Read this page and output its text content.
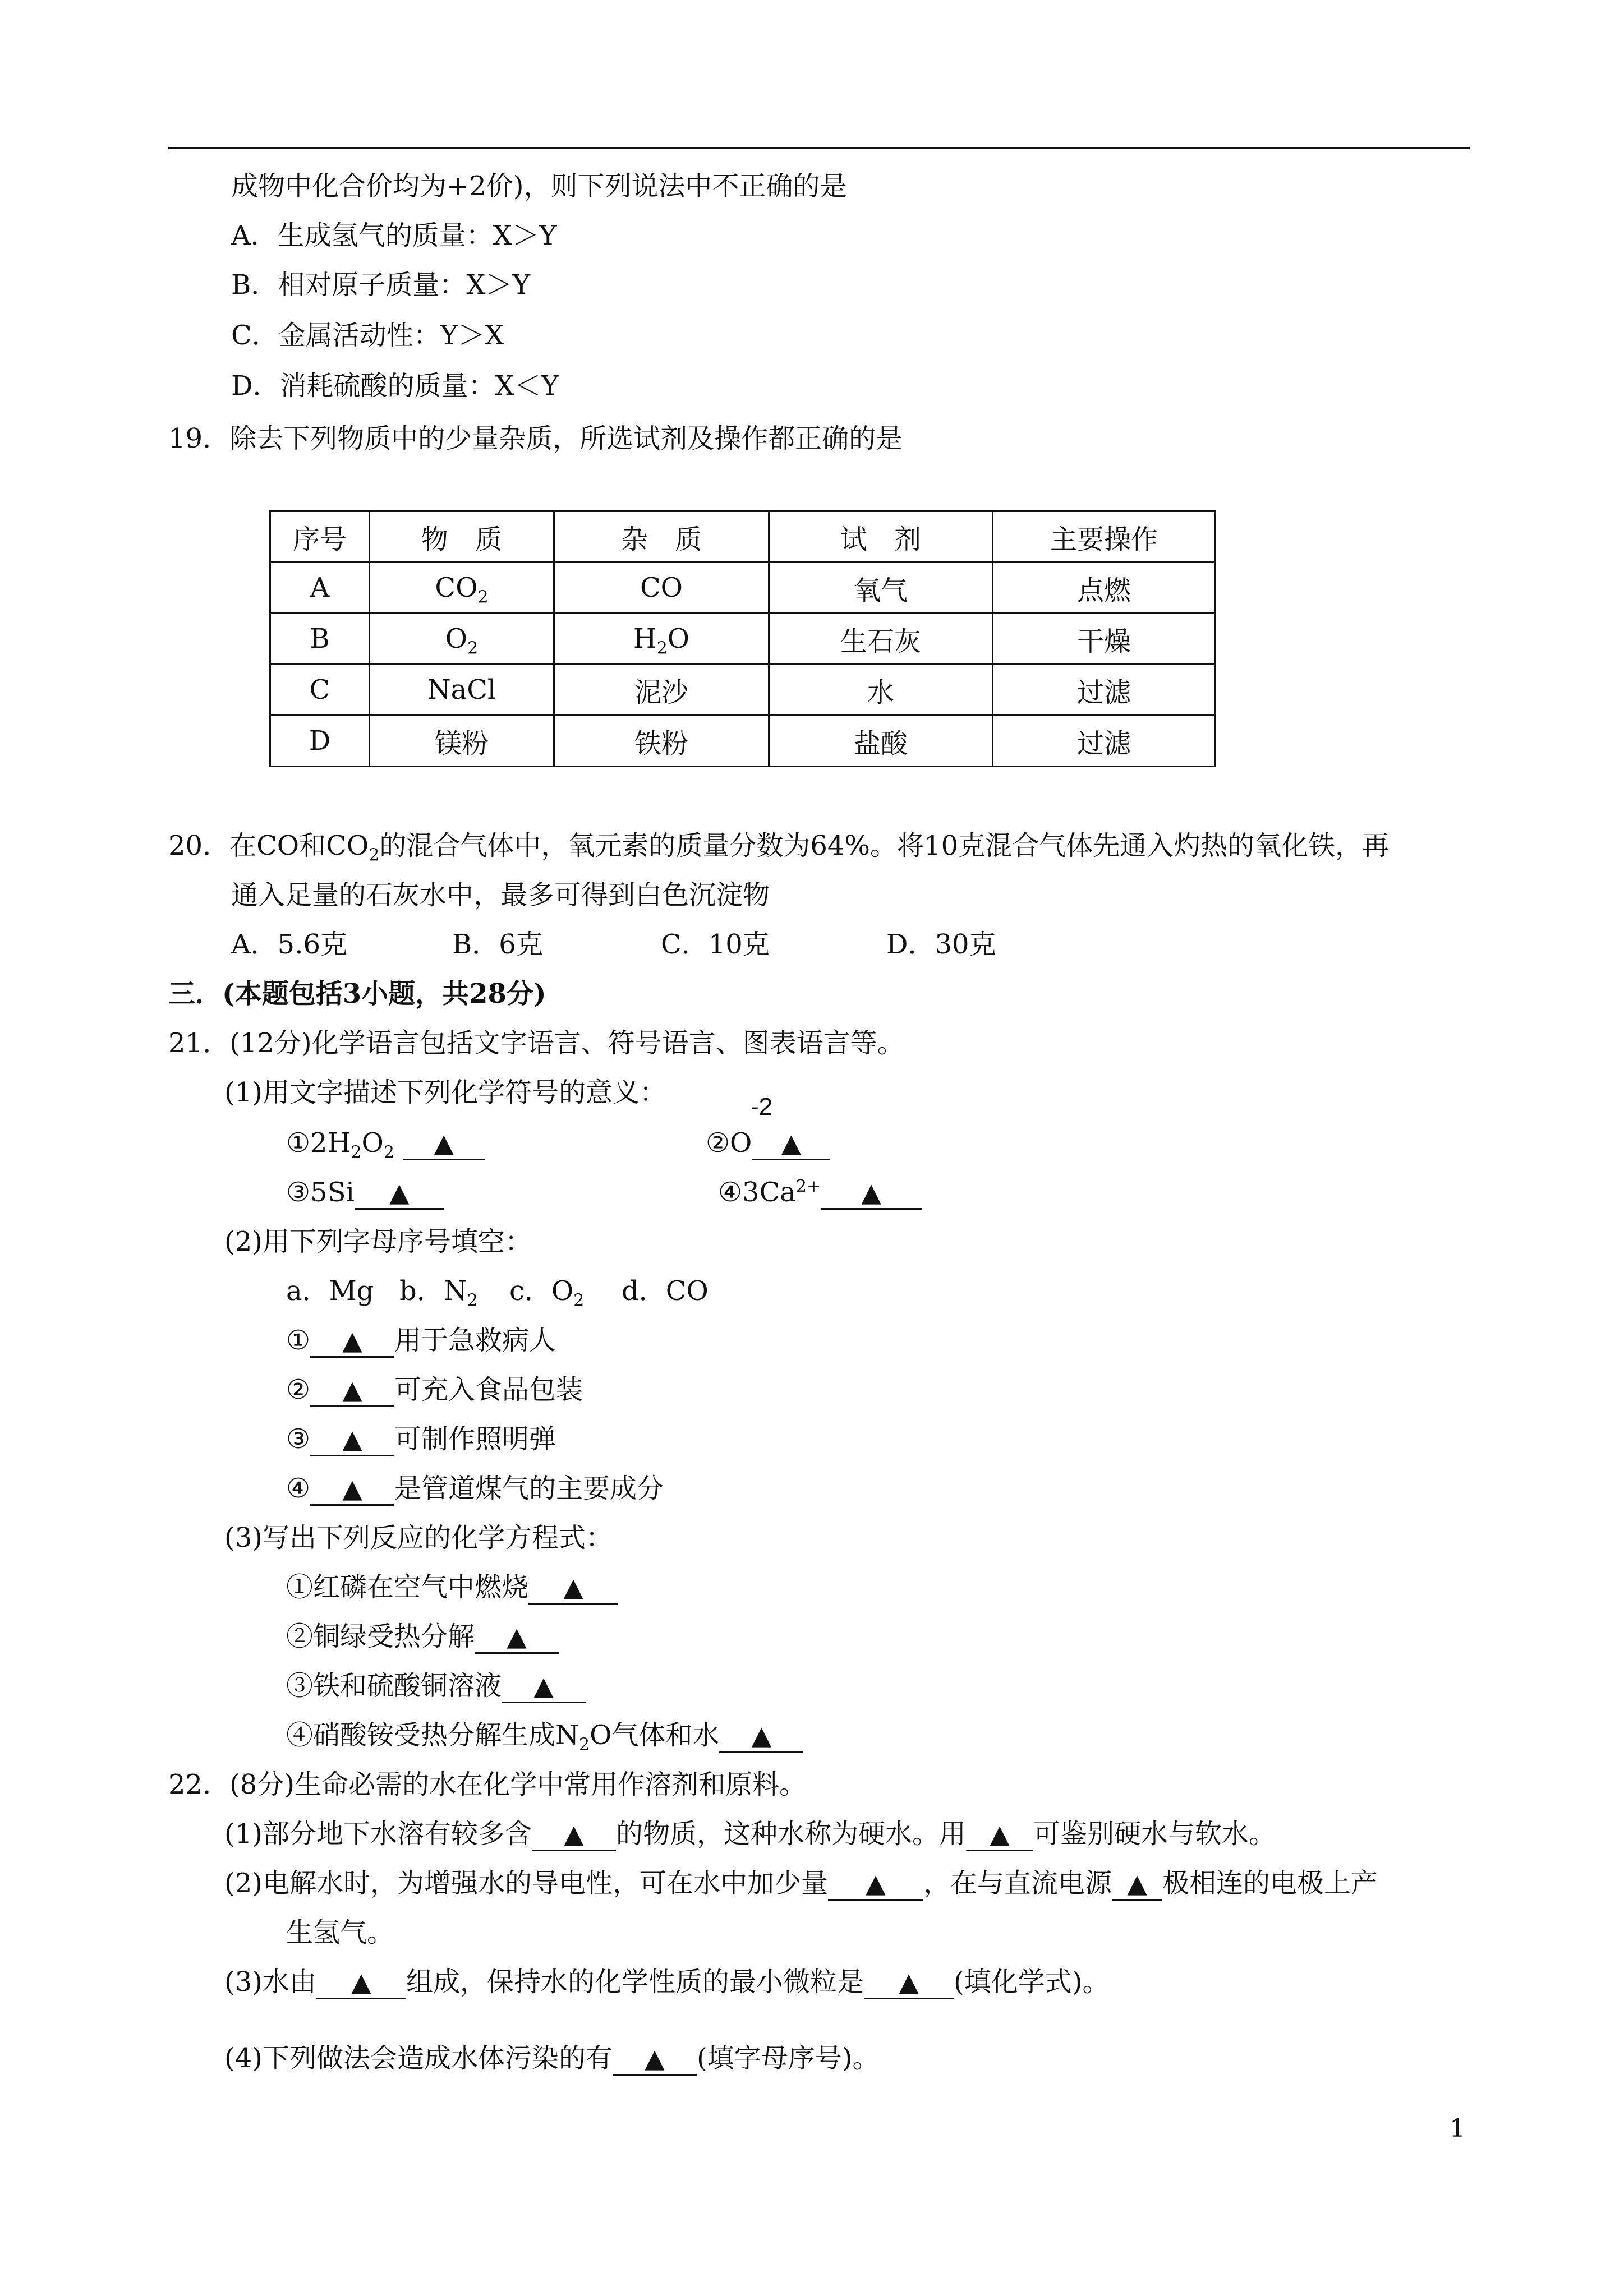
成物中化合价均为+2价)，则下列说法中不正确的是
A．生成氢气的质量：X＞Y
B．相对原子质量：X＞Y
C．金属活动性：Y＞X
D．消耗硫酸的质量：X＜Y
19．除去下列物质中的少量杂质，所选试剂及操作都正确的是
序号	物　质	杂　质	试　剂	主要操作
A	$CO_2$	CO	氧气	点燃
B	$O_2$	$H_2O$	生石灰	干燥
C	NaCl	泥沙	水	过滤
D	镁粉	铁粉	盐酸	过滤
20．在CO和$CO_2$的混合气体中，氧元素的质量分数为64%。将10克混合气体先通入灼热的氧化铁，再
通入足量的石灰水中，最多可得到白色沉淀物
A．5.6克	B．6克	C．10克	D．30克
三．(本题包括3小题，共28分)
21．(12分)化学语言包括文字语言、符号语言、图表语言等。
(1)用文字描述下列化学符号的意义：	-2
$①2H_2O_2$ ▲	②O ▲
③5Si ▲	$④3Ca^{2+}$ ▲
(2)用下列字母序号填空：
a．Mg b．$N_2$ c．$O_2$ d．CO
① ▲ 用于急救病人
② ▲ 可充入食品包装
③ ▲ 可制作照明弹
④ ▲ 是管道煤气的主要成分
(3)写出下列反应的化学方程式：
①红磷在空气中燃烧 ▲
②铜绿受热分解 ▲
③铁和硫酸铜溶液 ▲
④硝酸铵受热分解生成$N_2O$气体和水 ▲
22．(8分)生命必需的水在化学中常用作溶剂和原料。
(1)部分地下水溶有较多含 ▲ 的物质，这种水称为硬水。用 ▲ 可鉴别硬水与软水。
(2)电解水时，为增强水的导电性，可在水中加少量 ▲ ，在与直流电源 ▲ 极相连的电极上产
生氢气。
(3)水由 ▲ 组成，保持水的化学性质的最小微粒是 ▲ (填化学式)。
(4)下列做法会造成水体污染的有 ▲ (填字母序号)。
1
